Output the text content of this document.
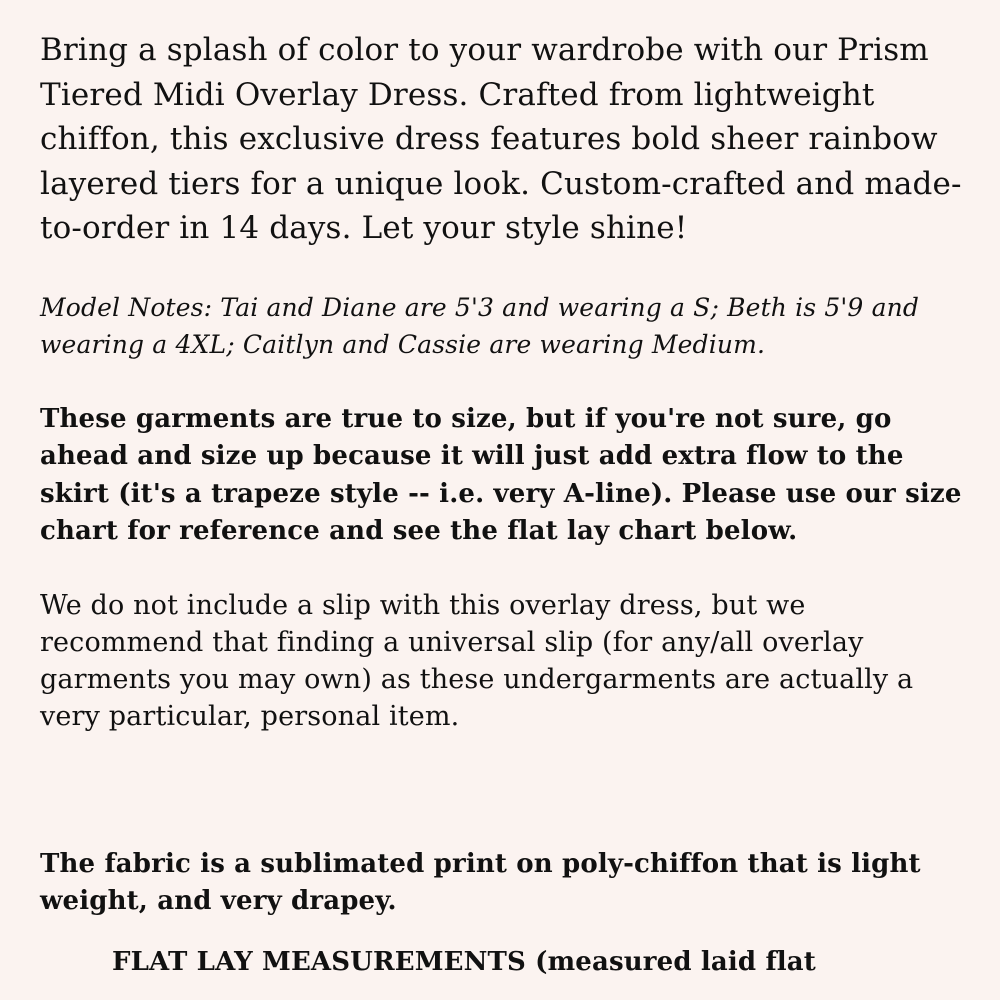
Bring a splash of color to your wardrobe with our Prism Tiered Midi Overlay Dress. Crafted from lightweight chiffon, this exclusive dress features bold sheer rainbow layered tiers for a unique look. Custom-crafted and made-to-order in 14 days. Let your style shine!

Model Notes: Tai and Diane are 5'3 and wearing a S; Beth is 5'9 and wearing a 4XL; Caitlyn and Cassie are wearing Medium.

These garments are true to size, but if you're not sure, go ahead and size up because it will just add extra flow to the skirt (it's a trapeze style -- i.e. very A-line). Please use our size chart for reference and see the flat lay chart below.

We do not include a slip with this overlay dress, but we recommend that finding a universal slip (for any/all overlay garments you may own) as these undergarments are actually a very particular, personal item.

The fabric is a sublimated print on poly-chiffon that is light weight, and very drapey.

FLAT LAY MEASUREMENTS (measured laid flat
